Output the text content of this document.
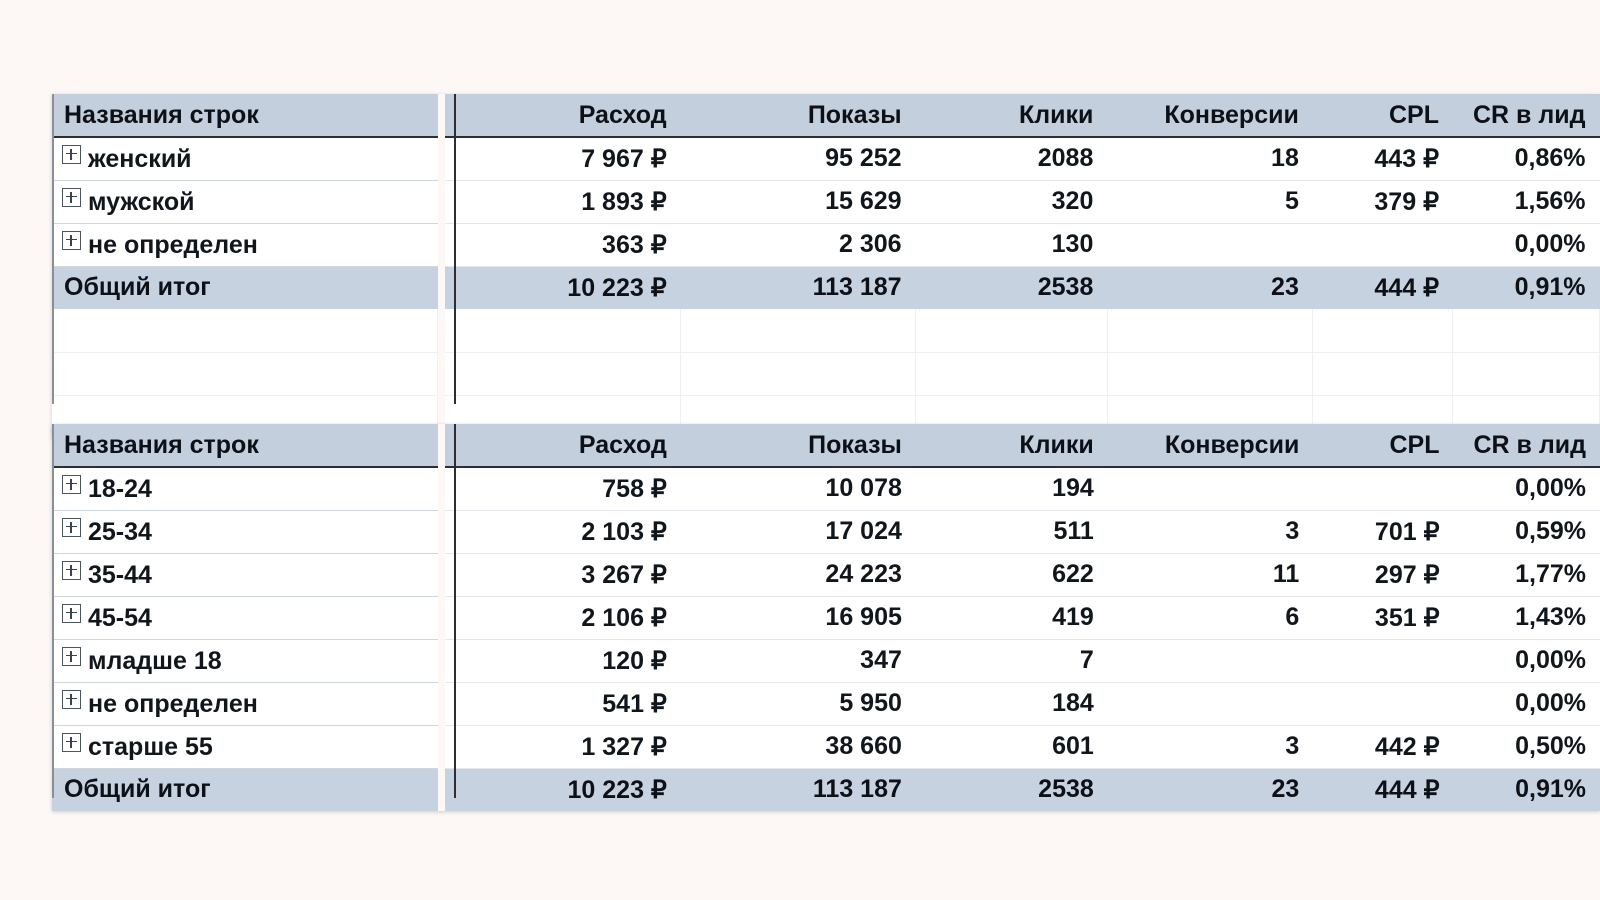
Названия строк		Расход	Показы	Клики	Конверсии	CPL	CR в лид
женский		7 967 ₽	95 252	2088	18	443 ₽	0,86%
мужской		1 893 ₽	15 629	320	5	379 ₽	1,56%
не определен		363 ₽	2 306	130			0,00%
Общий итог		10 223 ₽	113 187	2538	23	444 ₽	0,91%

Названия строк		Расход	Показы	Клики	Конверсии	CPL	CR в лид
18-24		758 ₽	10 078	194			0,00%
25-34		2 103 ₽	17 024	511	3	701 ₽	0,59%
35-44		3 267 ₽	24 223	622	11	297 ₽	1,77%
45-54		2 106 ₽	16 905	419	6	351 ₽	1,43%
младше 18		120 ₽	347	7			0,00%
не определен		541 ₽	5 950	184			0,00%
старше 55		1 327 ₽	38 660	601	3	442 ₽	0,50%
Общий итог		10 223 ₽	113 187	2538	23	444 ₽	0,91%
